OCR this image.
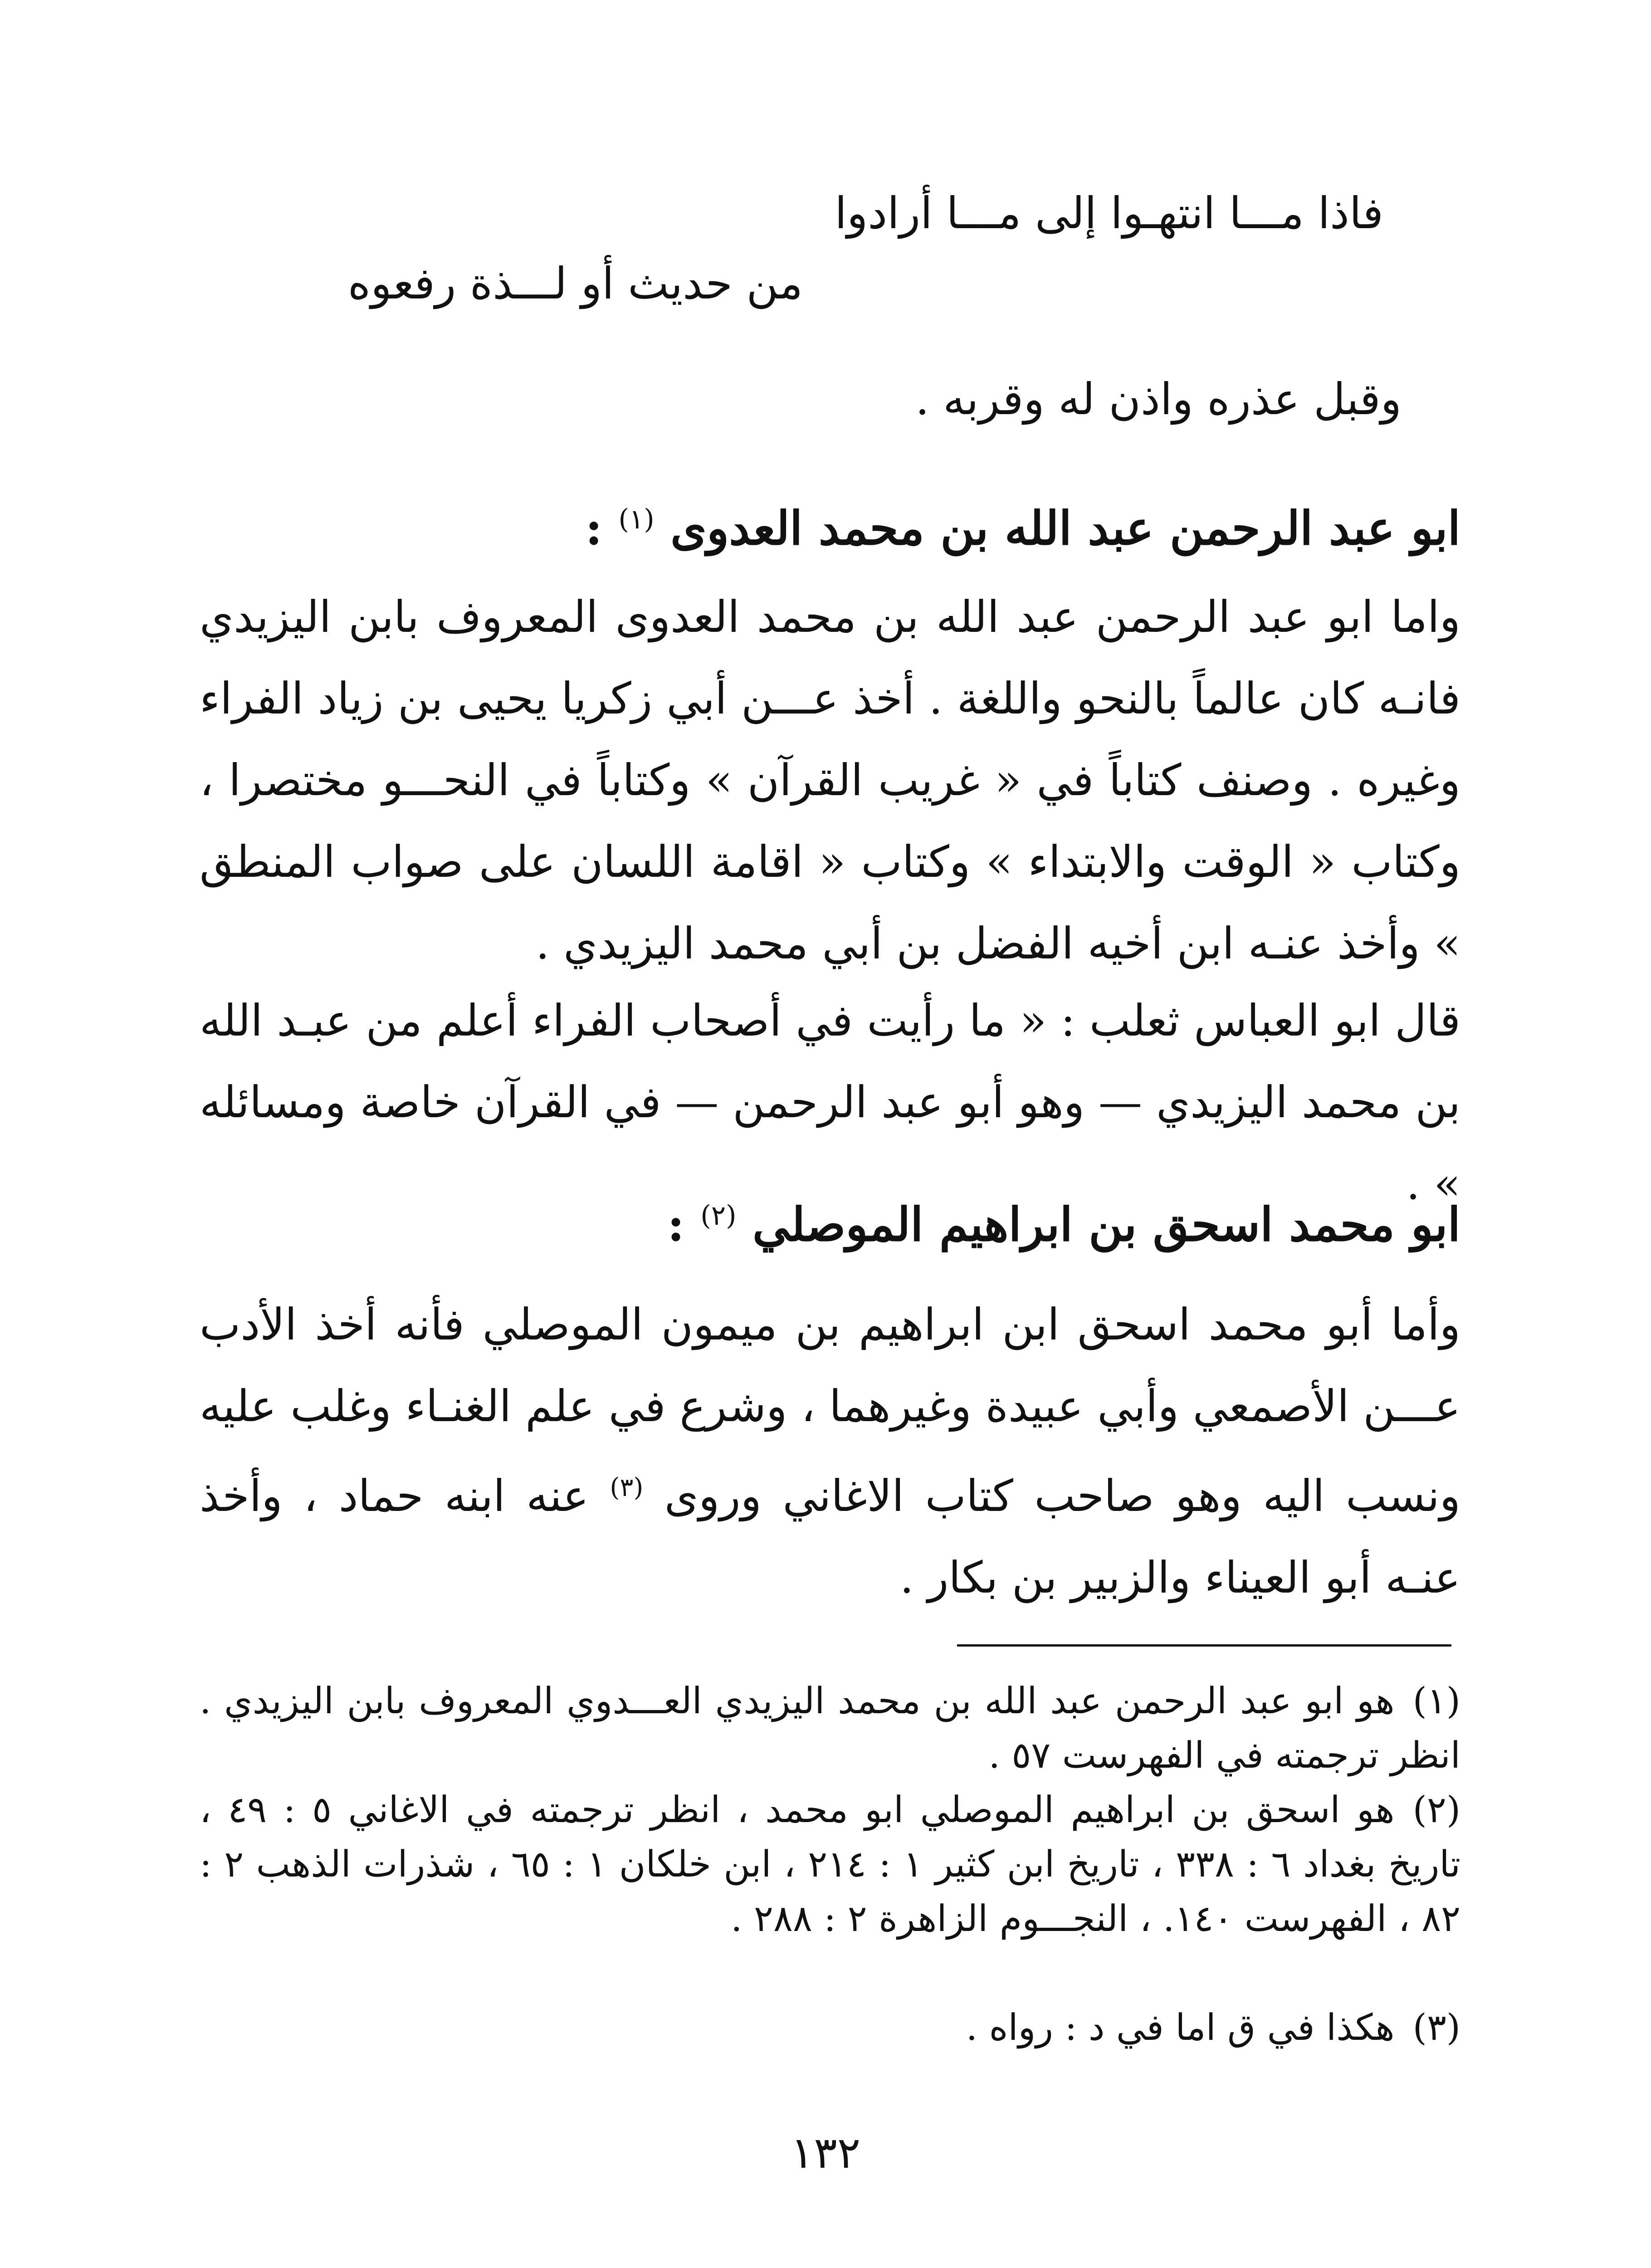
فاذا مـــا انتهـوا إلى مـــا أرادوا
من حديث أو لـــذة رفعوه
وقبل عذره واذن له وقربه .
ابو عبد الرحمن عبد الله بن محمد العدوى $^{(١)}$ :
واما ابو عبد الرحمن عبد الله بن محمد العدوى المعروف بابن اليزيدي فانـه كان عالماً بالنحو واللغة . أخذ عـــن أبي زكريا يحيى بن زياد الفراء وغيره . وصنف كتاباً في « غريب القرآن » وكتاباً في النحـــو مختصرا ، وكتاب « الوقت والابتداء » وكتاب « اقامة اللسان على صواب المنطق » وأخذ عنـه ابن أخيه الفضل بن أبي محمد اليزيدي .
قال ابو العباس ثعلب : « ما رأيت في أصحاب الفراء أعلم من عبـد الله بن محمد اليزيدي — وهو أبو عبد الرحمن — في القرآن خاصة ومسائله » .
ابو محمد اسحق بن ابراهيم الموصلي $^{(٢)}$ :
وأما أبو محمد اسحق ابن ابراهيم بن ميمون الموصلي فأنه أخذ الأدب عـــن الأصمعي وأبي عبيدة وغيرهما ، وشرع في علم الغنـاء وغلب عليه ونسب اليه وهو صاحب كتاب الاغاني وروى $^{(٣)}$ عنه ابنه حماد ، وأخذ عنـه أبو العيناء والزبير بن بكار .
(١)هو ابو عبد الرحمن عبد الله بن محمد اليزيدي العـــدوي المعروف بابن اليزيدي . انظر ترجمته في الفهرست ٥٧ .
(٢)هو اسحق بن ابراهيم الموصلي ابو محمد ، انظر ترجمته في الاغاني ٥ : ٤٩ ، تاريخ بغداد ٦ : ٣٣٨ ، تاريخ ابن كثير ١ : ٢١٤ ، ابن خلكان ١ : ٦٥ ، شذرات الذهب ٢ : ٨٢ ، الفهرست ١٤٠. ، النجـــوم الزاهرة ٢ : ٢٨٨ .
(٣)هكذا في ق اما في د : رواه .
١٣٢
